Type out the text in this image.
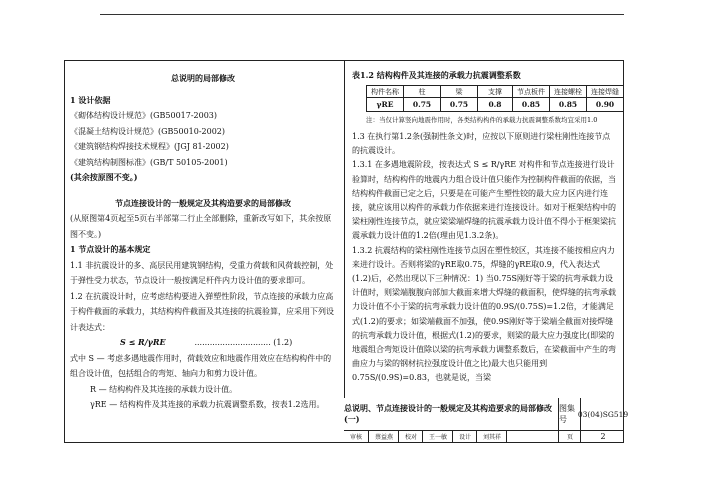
总说明的局部修改
1 设计依据
《砌体结构设计规范》(GB50017-2003)
《混凝土结构设计规范》(GB50010-2002)
《建筑钢结构焊接技术规程》(JGJ 81-2002)
《建筑结构制图标准》(GB/T 50105-2001)
(其余按原图不变。)
节点连接设计的一般规定及其构造要求的局部修改
(从原图第4页起至5页右半部第二行止全部删除，重新改写如下，其余按原图不变。)
1 节点设计的基本规定
1.1 非抗震设计的多、高层民用建筑钢结构，受重力荷载和风荷载控制，处于弹性受力状态，节点设计一般按满足杆件内力设计值的要求即可。
1.2 在抗震设计时，应考虑结构要进入弹塑性阶段，节点连接的承载力应高于构件截面的承载力，其结构构件截面及其连接的抗震验算，应采用下列设计表达式：
S ≤ R/γRE	.............................. (1.2)
式中 S — 考虑多遇地震作用时，荷载效应和地震作用效应在结构构件中的组合设计值，包括组合的弯矩、轴向力和剪力设计值。
R — 结构构件及其连接的承载力设计值。
γRE — 结构构件及其连接的承载力抗震调整系数，按表1.2选用。
表1.2 结构构件及其连接的承载力抗震调整系数
构件名称	柱	梁	支撑	节点板件	连接螺栓	连接焊缝
γRE	0.75	0.75	0.8	0.85	0.85	0.90
注：当仅计算竖向地震作用时，各类结构构件的承载力抗震调整系数均宜采用1.0
1.3 在执行第1.2条(强制性条文)时，应按以下原则进行梁柱刚性连接节点的抗震设计。
1.3.1 在多遇地震阶段，按表达式 S ≤ R/γRE 对构件和节点连接进行设计验算时，结构构件的地震内力组合设计值只能作为控制构件截面的依据，当结构构件截面已定之后，只要是在可能产生塑性铰的最大应力区内进行连接，就应该用以构件的承载力作依据来进行连接设计。如对于框架结构中的梁柱刚性连接节点，就应梁梁端焊缝的抗震承载力设计值不得小于框架梁抗震承载力设计值的1.2倍(理由见1.3.2条)。
1.3.2 抗震结构的梁柱刚性连接节点因在塑性较区，其连接不能按相应内力来进行设计。否则将梁的γRE取0.75，焊缝的γRE取0.9，代入表达式(1.2)后，必然出现以下三种情况：1) 当0.75S刚好等于梁的抗弯承载力设计值时，则梁端腹腹向部加大截面来增大焊缝的截面积，使焊缝的抗弯承载力设计值不小于梁的抗弯承载力设计值的0.9S/(0.75S)=1.2倍，才能满足式(1.2)的要求；如梁端截面不加强，使0.9S刚好等于梁端全截面对接焊缝的抗弯承载力设计值，根据式(1.2)的要求，则梁的最大应力强度比(即梁的地震组合弯矩设计值除以梁的抗弯承载力调整系数后，在梁截面中产生的弯曲应力与梁的钢材抗拉强度设计值之比)最大也只能用到0.75S/(0.9S)=0.83，也就是说，当梁
总说明、节点连接设计的一般规定及其构造要求的局部修改(一)
图集号
03(04)SG519
审核	蔡益燕	校对	王一敏	设计	刘其祥	页	2
